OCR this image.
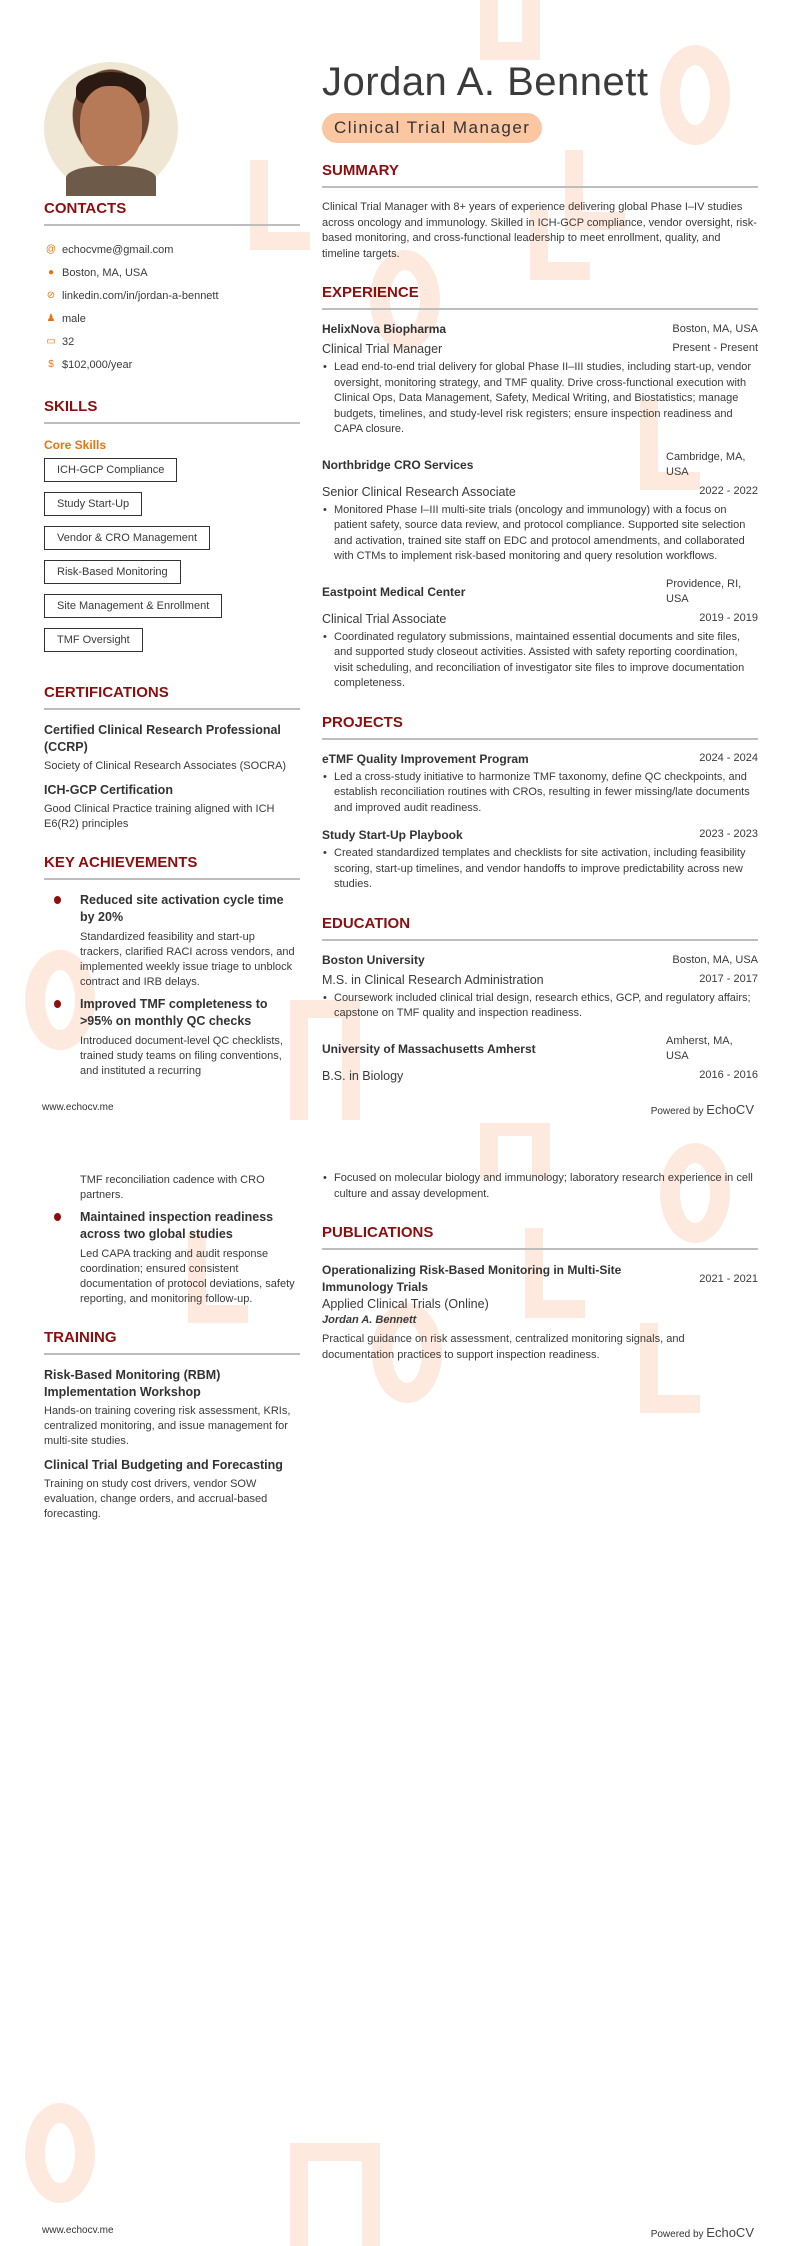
Jordan A. Bennett
Clinical Trial Manager
CONTACTS
@ echocvme@gmail.com
● Boston, MA, USA
⊘ linkedin.com/in/jordan-a-bennett
♟ male
▭ 32
$ $102,000/year
SKILLS
Core Skills
ICH-GCP Compliance
Study Start-Up
Vendor & CRO Management
Risk-Based Monitoring
Site Management & Enrollment
TMF Oversight
CERTIFICATIONS
Certified Clinical Research Professional (CCRP)
Society of Clinical Research Associates (SOCRA)
ICH-GCP Certification
Good Clinical Practice training aligned with ICH E6(R2) principles
KEY ACHIEVEMENTS
Reduced site activation cycle time by 20%
Standardized feasibility and start-up trackers, clarified RACI across vendors, and implemented weekly issue triage to unblock contract and IRB delays.
Improved TMF completeness to >95% on monthly QC checks
Introduced document-level QC checklists, trained study teams on filing conventions, and instituted a recurring
SUMMARY
Clinical Trial Manager with 8+ years of experience delivering global Phase I–IV studies across oncology and immunology. Skilled in ICH-GCP compliance, vendor oversight, risk-based monitoring, and cross-functional leadership to meet enrollment, quality, and timeline targets.
EXPERIENCE
HelixNova Biopharma	Boston, MA, USA
Clinical Trial Manager	Present - Present
• Lead end-to-end trial delivery for global Phase II–III studies, including start-up, vendor oversight, monitoring strategy, and TMF quality. Drive cross-functional execution with Clinical Ops, Data Management, Safety, Medical Writing, and Biostatistics; manage budgets, timelines, and study-level risk registers; ensure inspection readiness and CAPA closure.
Northbridge CRO Services
Cambridge, MA, USA
Senior Clinical Research Associate	2022 - 2022
• Monitored Phase I–III multi-site trials (oncology and immunology) with a focus on patient safety, source data review, and protocol compliance. Supported site selection and activation, trained site staff on EDC and protocol amendments, and collaborated with CTMs to implement risk-based monitoring and query resolution workflows.
Eastpoint Medical Center
Providence, RI, USA
Clinical Trial Associate	2019 - 2019
• Coordinated regulatory submissions, maintained essential documents and site files, and supported study closeout activities. Assisted with safety reporting coordination, visit scheduling, and reconciliation of investigator site files to improve documentation completeness.
PROJECTS
eTMF Quality Improvement Program	2024 - 2024
• Led a cross-study initiative to harmonize TMF taxonomy, define QC checkpoints, and establish reconciliation routines with CROs, resulting in fewer missing/late documents and improved audit readiness.
Study Start-Up Playbook	2023 - 2023
• Created standardized templates and checklists for site activation, including feasibility scoring, start-up timelines, and vendor handoffs to improve predictability across new studies.
EDUCATION
Boston University	Boston, MA, USA
M.S. in Clinical Research Administration	2017 - 2017
• Coursework included clinical trial design, research ethics, GCP, and regulatory affairs; capstone on TMF quality and inspection readiness.
University of Massachusetts Amherst
Amherst, MA, USA
B.S. in Biology	2016 - 2016
www.echocv.me	Powered by EchoCV
TMF reconciliation cadence with CRO partners.
Maintained inspection readiness across two global studies
Led CAPA tracking and audit response coordination; ensured consistent documentation of protocol deviations, safety reporting, and monitoring follow-up.
TRAINING
Risk-Based Monitoring (RBM) Implementation Workshop
Hands-on training covering risk assessment, KRIs, centralized monitoring, and issue management for multi-site studies.
Clinical Trial Budgeting and Forecasting
Training on study cost drivers, vendor SOW evaluation, change orders, and accrual-based forecasting.
• Focused on molecular biology and immunology; laboratory research experience in cell culture and assay development.
PUBLICATIONS
Operationalizing Risk-Based Monitoring in Multi-Site Immunology Trials
2021 - 2021
Applied Clinical Trials (Online)
Jordan A. Bennett
Practical guidance on risk assessment, centralized monitoring signals, and documentation practices to support inspection readiness.
www.echocv.me	Powered by EchoCV
